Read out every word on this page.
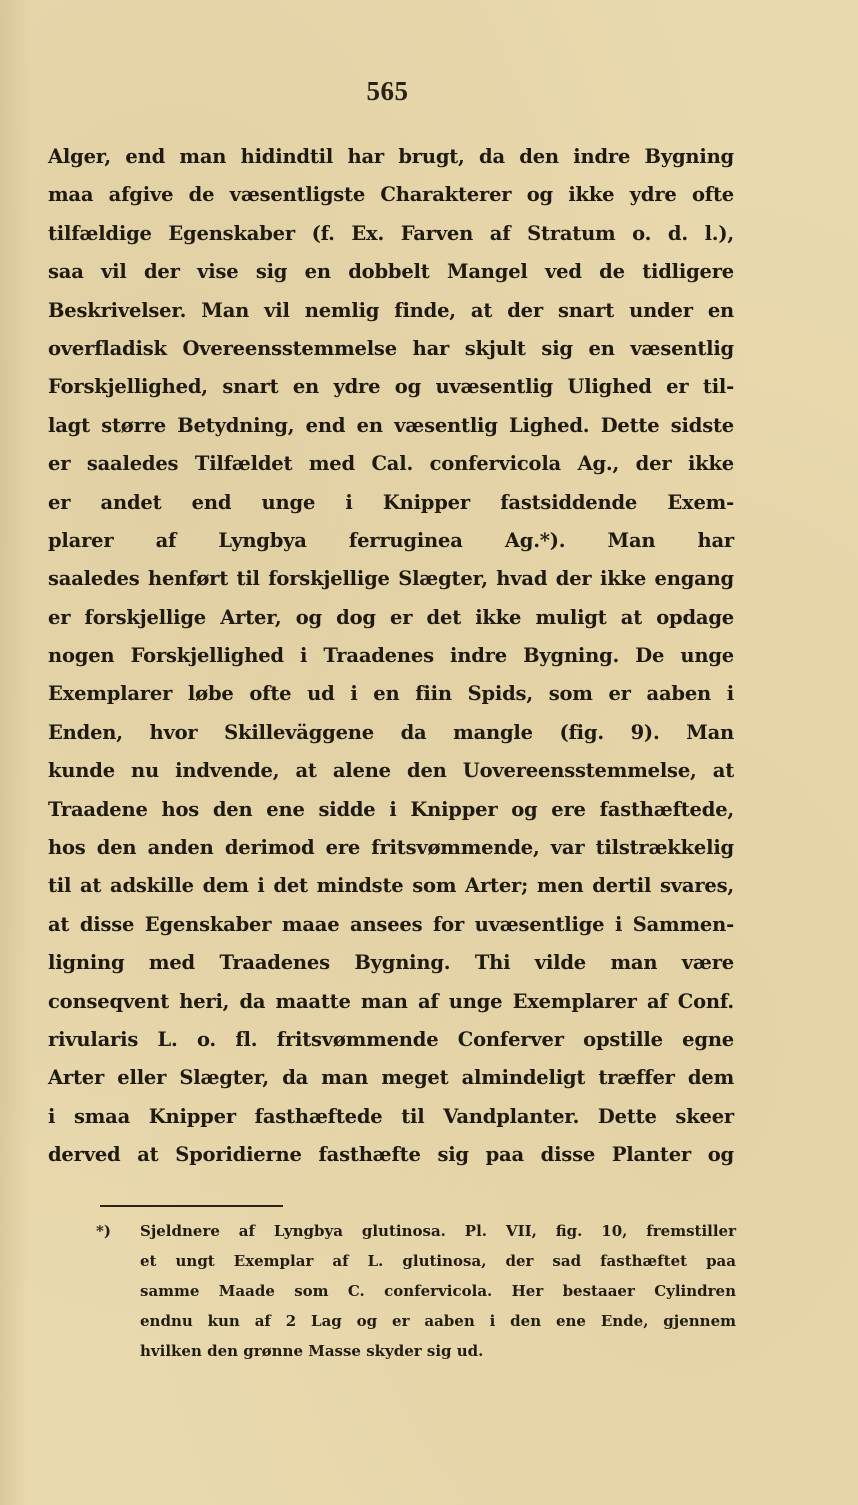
565
Alger, end man hidindtil har brugt, da den indre Bygning
maa afgive de væsentligste Charakterer og ikke ydre ofte
tilfældige Egenskaber (f. Ex. Farven af Stratum o. d. l.),
saa vil der vise sig en dobbelt Mangel ved de tidligere
Beskrivelser. Man vil nemlig finde, at der snart under en
overfladisk Overeensstemmelse har skjult sig en væsentlig
Forskjellighed, snart en ydre og uvæsentlig Ulighed er til-
lagt større Betydning, end en væsentlig Lighed. Dette sidste
er saaledes Tilfældet med Cal. confervicola Ag., der ikke
er andet end unge i Knipper fastsiddende Exem-
plarer af Lyngbya ferruginea Ag.*). Man har
saaledes henført til forskjellige Slægter, hvad der ikke engang
er forskjellige Arter, og dog er det ikke muligt at opdage
nogen Forskjellighed i Traadenes indre Bygning. De unge
Exemplarer løbe ofte ud i en fiin Spids, som er aaben i
Enden, hvor Skilleväggene da mangle (fig. 9). Man
kunde nu indvende, at alene den Uovereensstemmelse, at
Traadene hos den ene sidde i Knipper og ere fasthæftede,
hos den anden derimod ere fritsvømmende, var tilstrækkelig
til at adskille dem i det mindste som Arter; men dertil svares,
at disse Egenskaber maae ansees for uvæsentlige i Sammen-
ligning med Traadenes Bygning. Thi vilde man være
conseqvent heri, da maatte man af unge Exemplarer af Conf.
rivularis L. o. fl. fritsvømmende Conferver opstille egne
Arter eller Slægter, da man meget almindeligt træffer dem
i smaa Knipper fasthæftede til Vandplanter. Dette skeer
derved at Sporidierne fasthæfte sig paa disse Planter og
*)	Sjeldnere af Lyngbya glutinosa. Pl. VII, fig. 10, fremstiller
et ungt Exemplar af L. glutinosa, der sad fasthæftet paa
samme Maade som C. confervicola. Her bestaaer Cylindren
endnu kun af 2 Lag og er aaben i den ene Ende, gjennem
hvilken den grønne Masse skyder sig ud.
